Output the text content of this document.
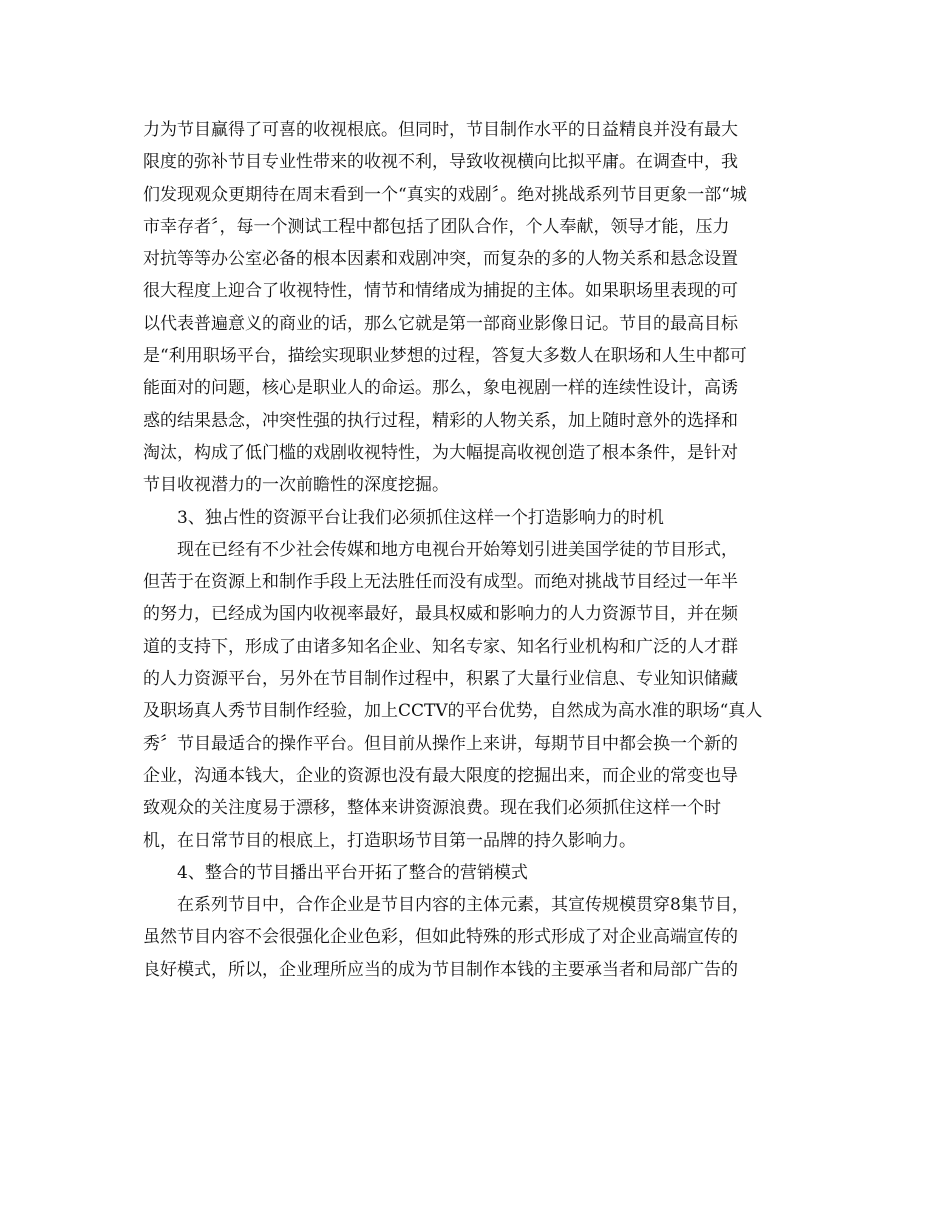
力为节目赢得了可喜的收视根底。但同时，节目制作水平的日益精良并没有最大
限度的弥补节目专业性带来的收视不利，导致收视横向比拟平庸。在调查中，我
们发现观众更期待在周末看到一个“真实的戏剧〞。绝对挑战系列节目更象一部“城
市幸存者〞，每一个测试工程中都包括了团队合作，个人奉献，领导才能，压力
对抗等等办公室必备的根本因素和戏剧冲突，而复杂的多的人物关系和悬念设置
很大程度上迎合了收视特性，情节和情绪成为捕捉的主体。如果职场里表现的可
以代表普遍意义的商业的话，那么它就是第一部商业影像日记。节目的最高目标
是“利用职场平台，描绘实现职业梦想的过程，答复大多数人在职场和人生中都可
能面对的问题，核心是职业人的命运。那么，象电视剧一样的连续性设计，高诱
惑的结果悬念，冲突性强的执行过程，精彩的人物关系，加上随时意外的选择和
淘汰，构成了低门槛的戏剧收视特性，为大幅提高收视创造了根本条件，是针对
节目收视潜力的一次前瞻性的深度挖掘。
3、独占性的资源平台让我们必须抓住这样一个打造影响力的时机
现在已经有不少社会传媒和地方电视台开始筹划引进美国学徒的节目形式，
但苦于在资源上和制作手段上无法胜任而没有成型。而绝对挑战节目经过一年半
的努力，已经成为国内收视率最好，最具权威和影响力的人力资源节目，并在频
道的支持下，形成了由诸多知名企业、知名专家、知名行业机构和广泛的人才群
的人力资源平台，另外在节目制作过程中，积累了大量行业信息、专业知识储藏
及职场真人秀节目制作经验，加上CCTV的平台优势，自然成为高水准的职场“真人
秀〞节目最适合的操作平台。但目前从操作上来讲，每期节目中都会换一个新的
企业，沟通本钱大，企业的资源也没有最大限度的挖掘出来，而企业的常变也导
致观众的关注度易于漂移，整体来讲资源浪费。现在我们必须抓住这样一个时
机，在日常节目的根底上，打造职场节目第一品牌的持久影响力。
4、整合的节目播出平台开拓了整合的营销模式
在系列节目中，合作企业是节目内容的主体元素，其宣传规模贯穿8集节目，
虽然节目内容不会很强化企业色彩，但如此特殊的形式形成了对企业高端宣传的
良好模式，所以，企业理所应当的成为节目制作本钱的主要承当者和局部广告的
